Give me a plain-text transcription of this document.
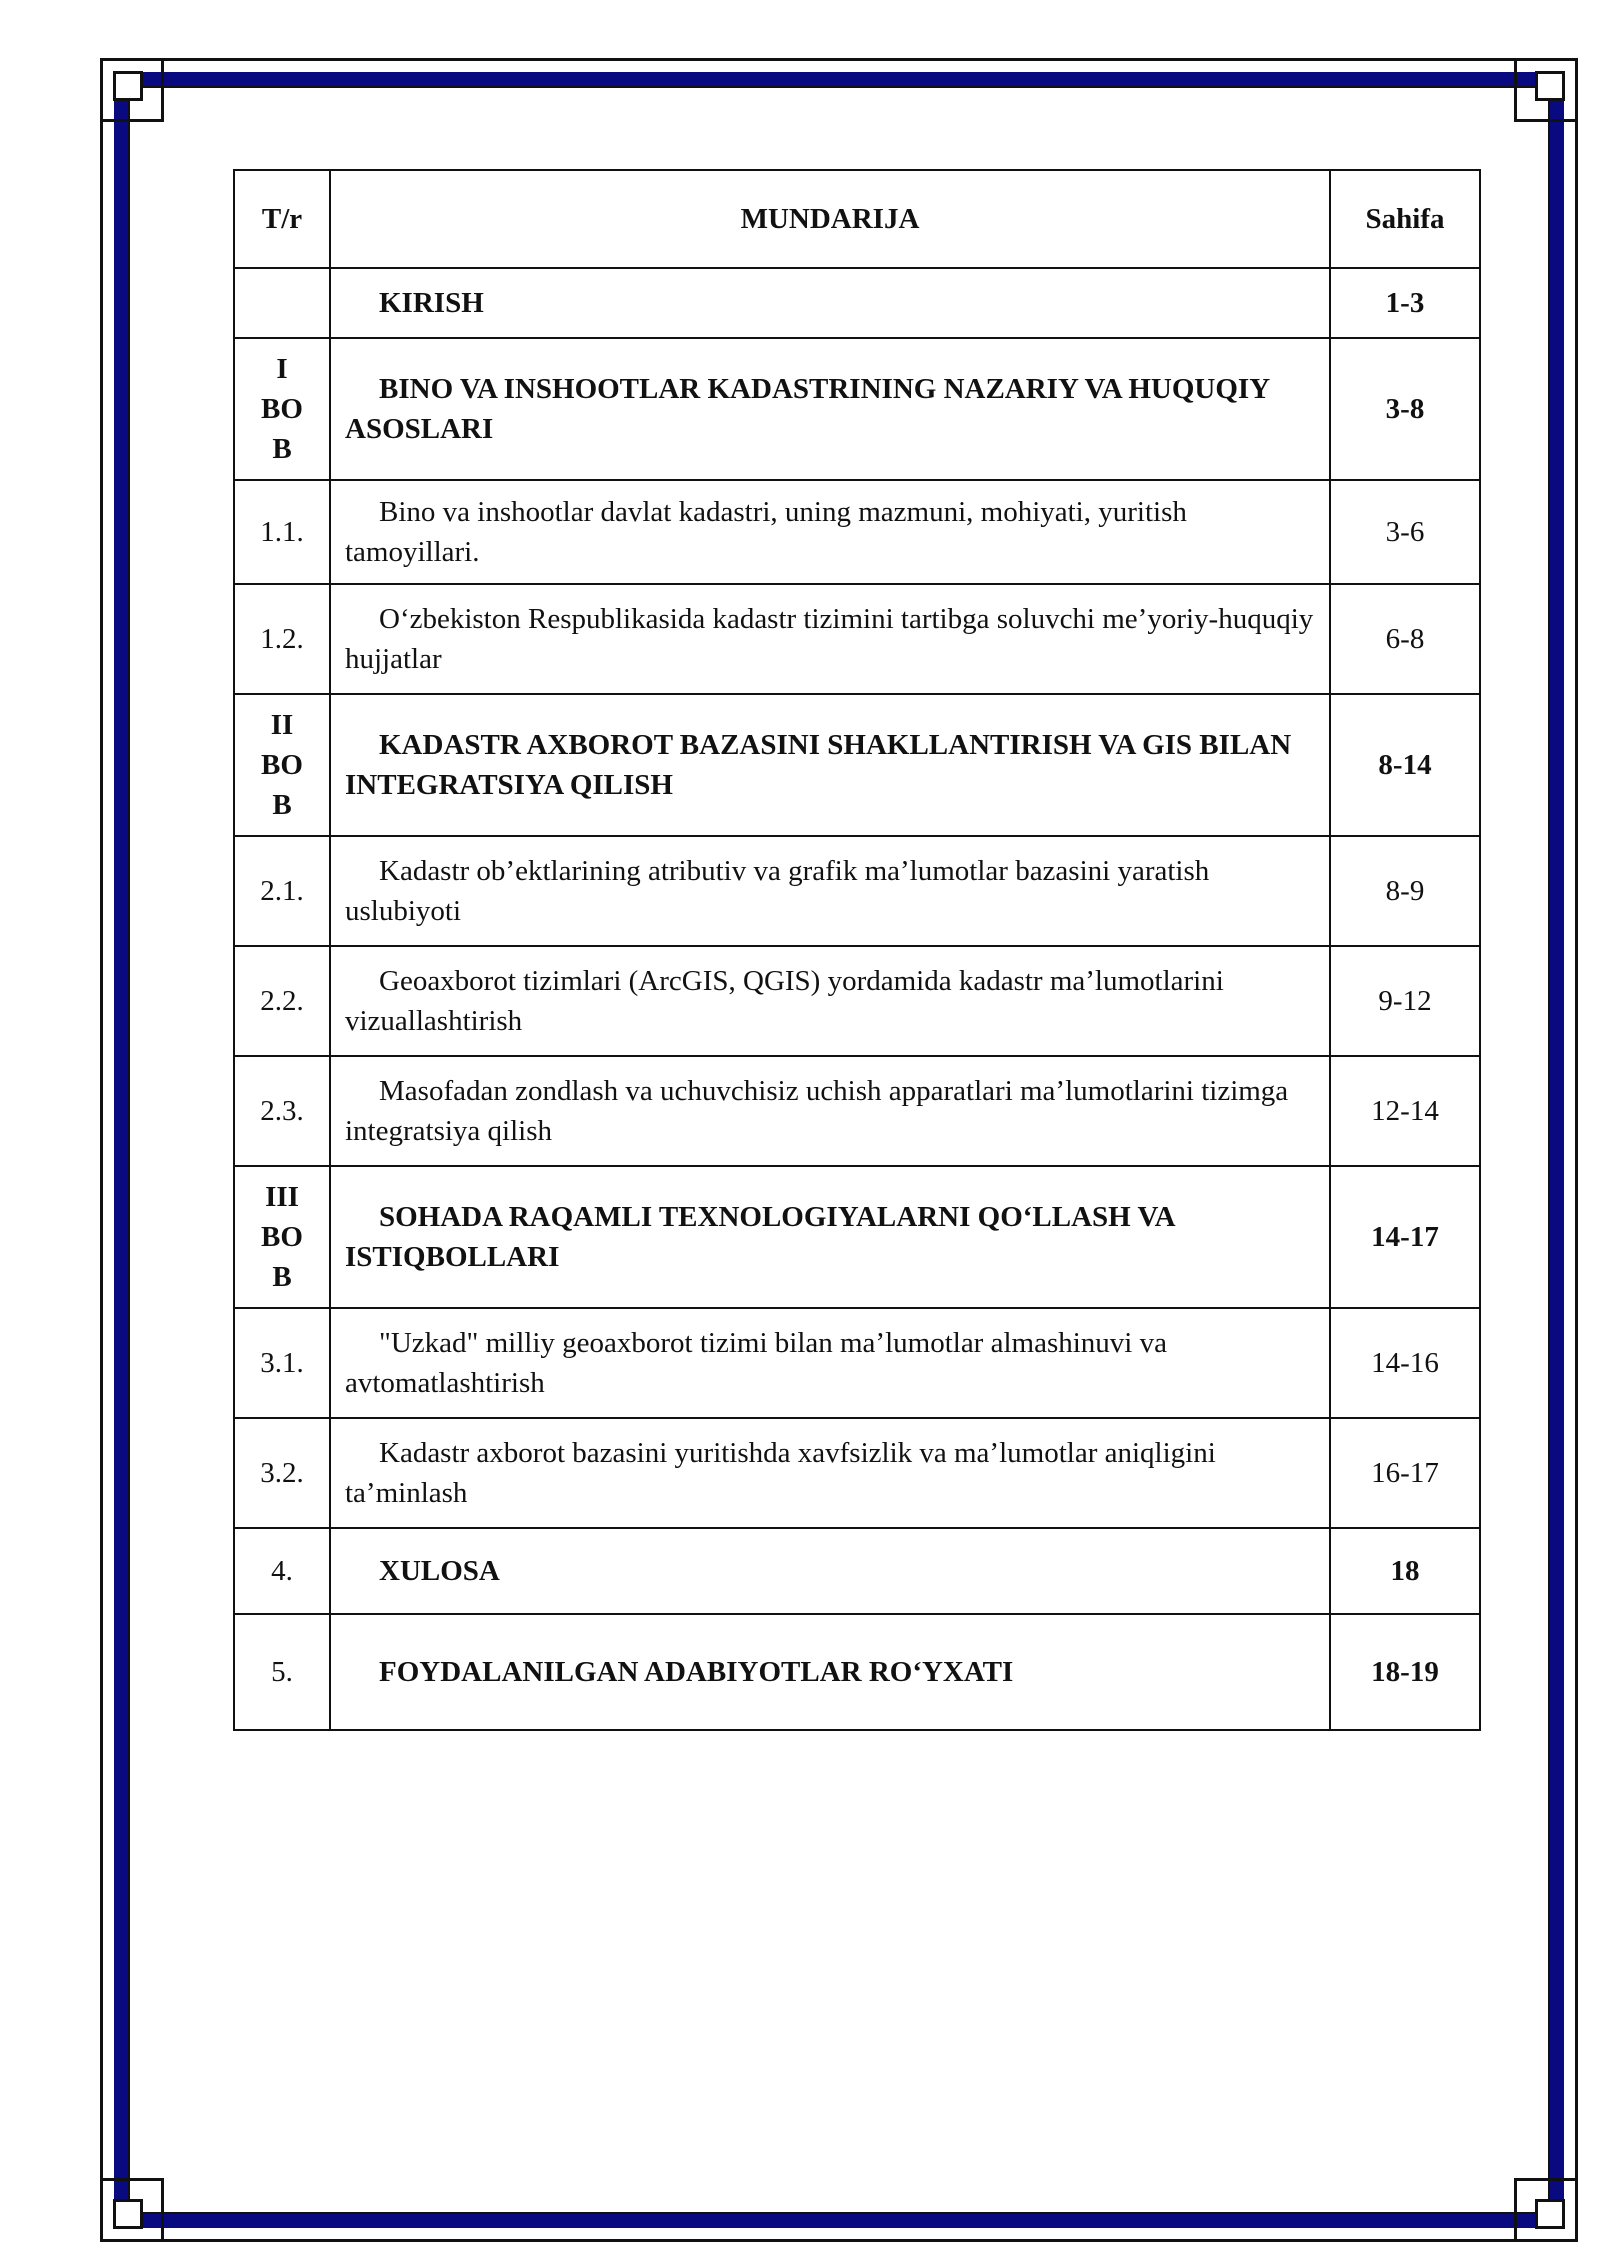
T/r	MUNDARIJA	Sahifa

	KIRISH	1-3
I
BO
B	BINO VA INSHOOTLAR KADASTRINING NAZARIY VA HUQUQIY ASOSLARI	3-8
1.1.	Bino va inshootlar davlat kadastri, uning mazmuni, mohiyati, yuritish tamoyillari.	3-6
1.2.	O‘zbekiston Respublikasida kadastr tizimini tartibga soluvchi me’yoriy-huquqiy hujjatlar	6-8
II
BO
B	KADASTR AXBOROT BAZASINI SHAKLLANTIRISH VA GIS BILAN INTEGRATSIYA QILISH	8-14
2.1.	Kadastr ob’ektlarining atributiv va grafik ma’lumotlar bazasini yaratish uslubiyoti	8-9
2.2.	Geoaxborot tizimlari (ArcGIS, QGIS) yordamida kadastr ma’lumotlarini vizuallashtirish	9-12
2.3.	Masofadan zondlash va uchuvchisiz uchish apparatlari ma’lumotlarini tizimga integratsiya qilish	12-14
III
BO
B	SOHADA RAQAMLI TEXNOLOGIYALARNI QO‘LLASH VA ISTIQBOLLARI	14-17
3.1.	"Uzkad" milliy geoaxborot tizimi bilan ma’lumotlar almashinuvi va avtomatlashtirish	14-16
3.2.	Kadastr axborot bazasini yuritishda xavfsizlik va ma’lumotlar aniqligini ta’minlash	16-17
4.	XULOSA	18
5.	FOYDALANILGAN ADABIYOTLAR RO‘YXATI	18-19
